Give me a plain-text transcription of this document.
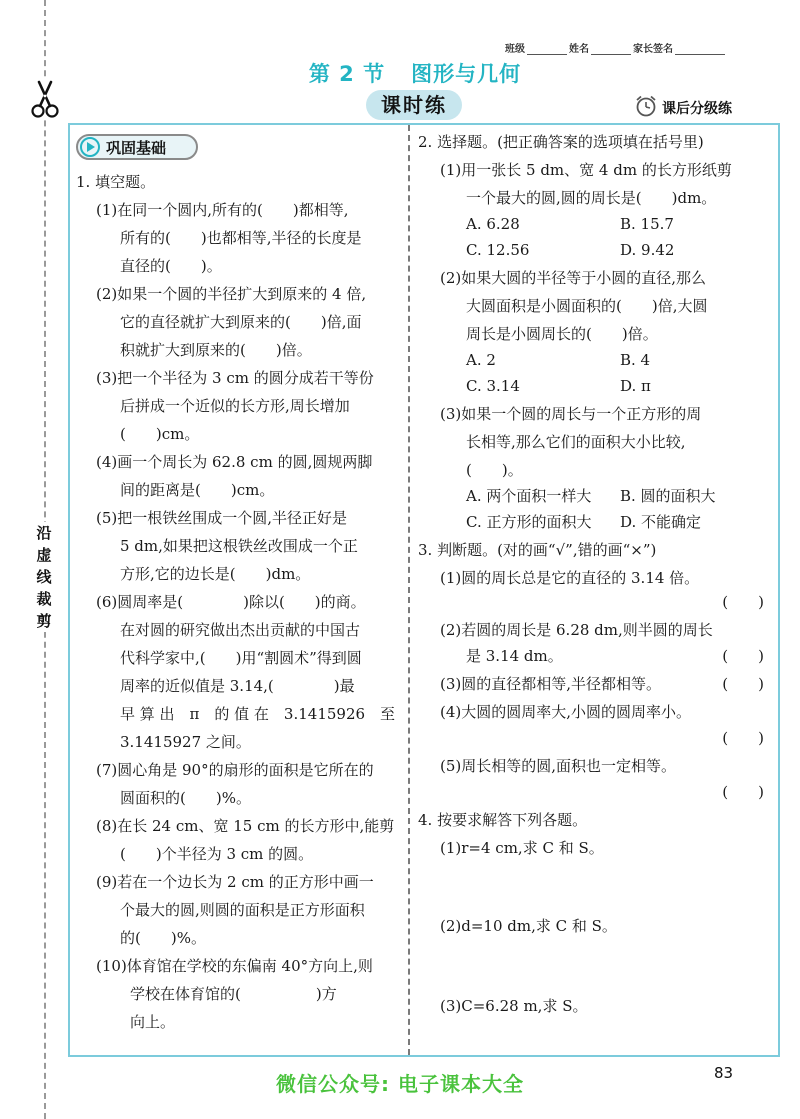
沿
虚
线
裁
剪
班级	姓名	家长签名
第 2 节 图形与几何
课时练	课后分级练
巩固基础
1. 填空题。
(1)在同一个圆内,所有的(　　)都相等,
所有的(　　)也都相等,半径的长度是
直径的(　　)。
(2)如果一个圆的半径扩大到原来的 4 倍,
它的直径就扩大到原来的(　　)倍,面
积就扩大到原来的(　　)倍。
(3)把一个半径为 3 cm 的圆分成若干等份
后拼成一个近似的长方形,周长增加
(　　)cm。
(4)画一个周长为 62.8 cm 的圆,圆规两脚
间的距离是(　　)cm。
(5)把一根铁丝围成一个圆,半径正好是
5 dm,如果把这根铁丝改围成一个正
方形,它的边长是(　　)dm。
(6)圆周率是(　　　　)除以(　　)的商。
在对圆的研究做出杰出贡献的中国古
代科学家中,(　　)用“割圆术”得到圆
周率的近似值是 3.14,(　　　　)最
早 算 出　π　的 值 在　3.1415926　至
3.1415927 之间。
(7)圆心角是 90°的扇形的面积是它所在的
圆面积的(　　)%。
(8)在长 24 cm、宽 15 cm 的长方形中,能剪
(　　)个半径为 3 cm 的圆。
(9)若在一个边长为 2 cm 的正方形中画一
个最大的圆,则圆的面积是正方形面积
的(　　)%。
(10)体育馆在学校的东偏南 40°方向上,则
学校在体育馆的(　　　　　)方
向上。
2. 选择题。(把正确答案的选项填在括号里)
(1)用一张长 5 dm、宽 4 dm 的长方形纸剪
一个最大的圆,圆的周长是(　　)dm。
A. 6.28	B. 15.7
C. 12.56	D. 9.42
(2)如果大圆的半径等于小圆的直径,那么
大圆面积是小圆面积的(　　)倍,大圆
周长是小圆周长的(　　)倍。
A. 2	B. 4
C. 3.14	D. π
(3)如果一个圆的周长与一个正方形的周
长相等,那么它们的面积大小比较,
(　　)。
A. 两个面积一样大 B. 圆的面积大
C. 正方形的面积大 D. 不能确定
3. 判断题。(对的画“√”,错的画“×”)
(1)圆的周长总是它的直径的 3.14 倍。
(　　)
(2)若圆的周长是 6.28 dm,则半圆的周长
是 3.14 dm。	(　　)
(3)圆的直径都相等,半径都相等。	(　　)
(4)大圆的圆周率大,小圆的圆周率小。
(　　)
(5)周长相等的圆,面积也一定相等。
(　　)
4. 按要求解答下列各题。
(1)r=4 cm,求 C 和 S。
(2)d=10 dm,求 C 和 S。
(3)C=6.28 m,求 S。
微信公众号: 电子课本大全	83
